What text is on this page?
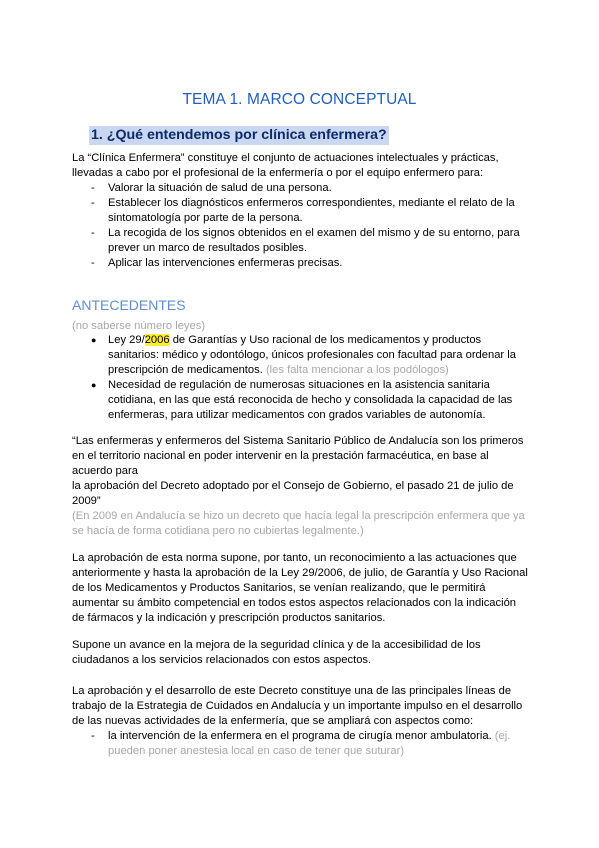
TEMA 1. MARCO CONCEPTUAL
1. ¿Qué entendemos por clínica enfermera?
La “Clínica Enfermera” constituye el conjunto de actuaciones intelectuales y prácticas,
llevadas a cabo por el profesional de la enfermería o por el equipo enfermero para:
- Valorar la situación de salud de una persona.
- Establecer los diagnósticos enfermeros correspondientes, mediante el relato de la
sintomatología por parte de la persona.
- La recogida de los signos obtenidos en el examen del mismo y de su entorno, para
prever un marco de resultados posibles.
- Aplicar las intervenciones enfermeras precisas.
ANTECEDENTES
(no saberse número leyes)
● Ley 29/2006 de Garantías y Uso racional de los medicamentos y productos
sanitarios: médico y odontólogo, únicos profesionales con facultad para ordenar la
prescripción de medicamentos. (les falta mencionar a los podólogos)
● Necesidad de regulación de numerosas situaciones en la asistencia sanitaria
cotidiana, en las que está reconocida de hecho y consolidada la capacidad de las
enfermeras, para utilizar medicamentos con grados variables de autonomía.
“Las enfermeras y enfermeros del Sistema Sanitario Público de Andalucía son los primeros
en el territorio nacional en poder intervenir en la prestación farmacéutica, en base al
acuerdo para
la aprobación del Decreto adoptado por el Consejo de Gobierno, el pasado 21 de julio de
2009”
(En 2009 en Andalucía se hizo un decreto que hacía legal la prescripción enfermera que ya
se hacía de forma cotidiana pero no cubiertas legalmente.)
La aprobación de esta norma supone, por tanto, un reconocimiento a las actuaciones que
anteriormente y hasta la aprobación de la Ley 29/2006, de julio, de Garantía y Uso Racional
de los Medicamentos y Productos Sanitarios, se venían realizando, que le permitirá
aumentar su ámbito competencial en todos estos aspectos relacionados con la indicación
de fármacos y la indicación y prescripción productos sanitarios.
Supone un avance en la mejora de la seguridad clínica y de la accesibilidad de los
ciudadanos a los servicios relacionados con estos aspectos.
La aprobación y el desarrollo de este Decreto constituye una de las principales líneas de
trabajo de la Estrategia de Cuidados en Andalucía y un importante impulso en el desarrollo
de las nuevas actividades de la enfermería, que se ampliará con aspectos como:
- la intervención de la enfermera en el programa de cirugía menor ambulatoria. (ej.
pueden poner anestesia local en caso de tener que suturar)
